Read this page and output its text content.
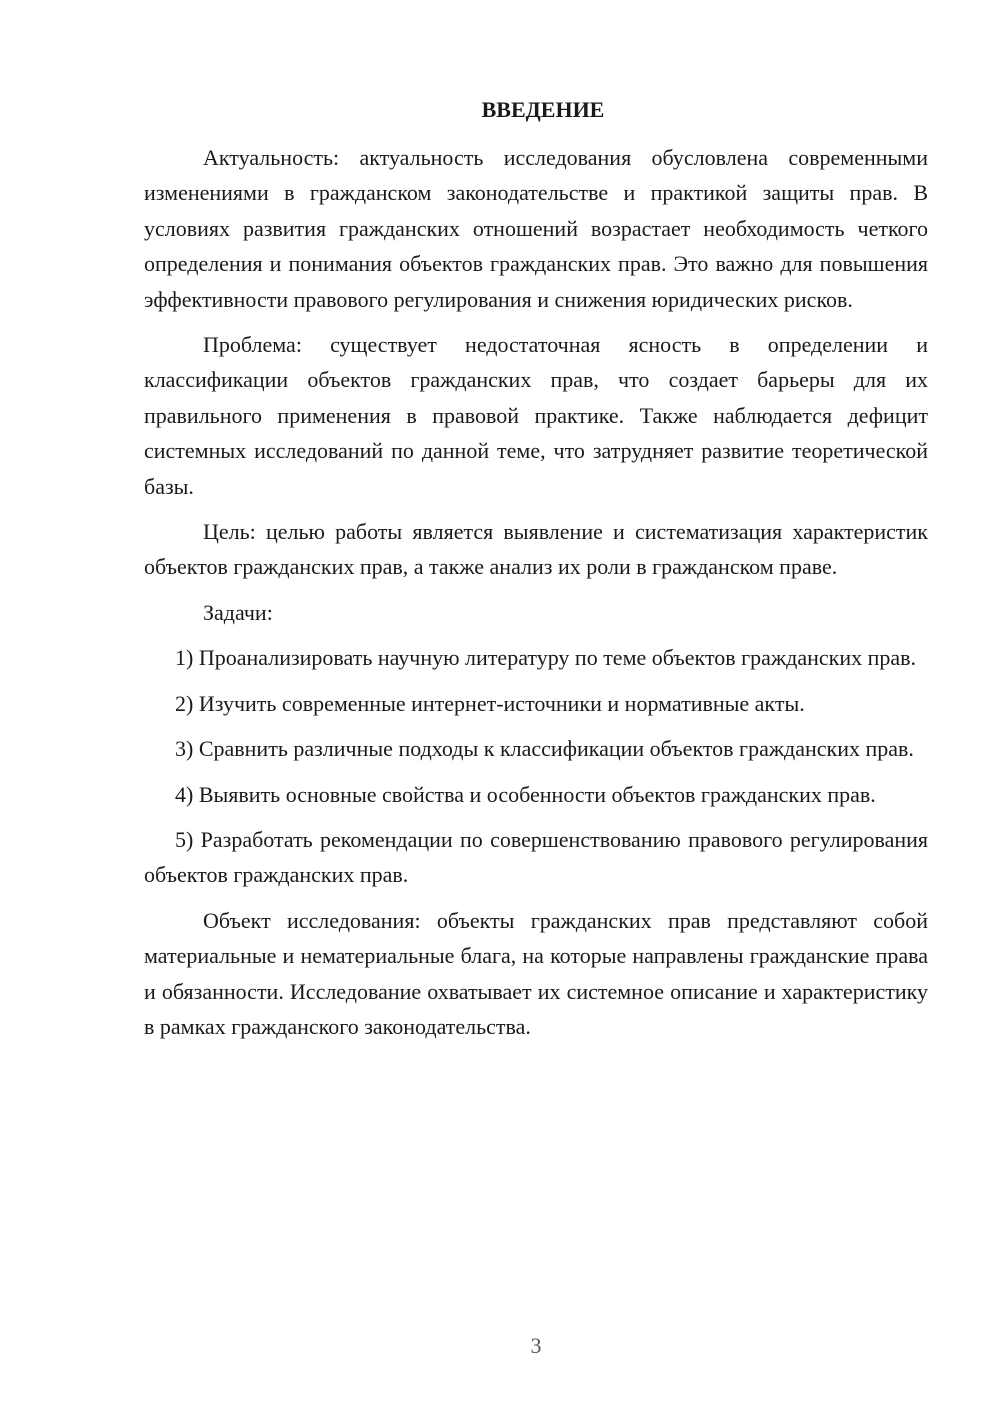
ВВЕДЕНИЕ

Актуальность: актуальность исследования обусловлена современными изменениями в гражданском законодательстве и практикой защиты прав. В условиях развития гражданских отношений возрастает необходимость четкого определения и понимания объектов гражданских прав. Это важно для повышения эффективности правового регулирования и снижения юридических рисков.

Проблема: существует недостаточная ясность в определении и классификации объектов гражданских прав, что создает барьеры для их правильного применения в правовой практике. Также наблюдается дефицит системных исследований по данной теме, что затрудняет развитие теоретической базы.

Цель: целью работы является выявление и систематизация характеристик объектов гражданских прав, а также анализ их роли в гражданском праве.

Задачи:

1) Проанализировать научную литературу по теме объектов гражданских прав.

2) Изучить современные интернет-источники и нормативные акты.

3) Сравнить различные подходы к классификации объектов гражданских прав.

4) Выявить основные свойства и особенности объектов гражданских прав.

5) Разработать рекомендации по совершенствованию правового регулирования объектов гражданских прав.

Объект исследования: объекты гражданских прав представляют собой материальные и нематериальные блага, на которые направлены гражданские права и обязанности. Исследование охватывает их системное описание и характеристику в рамках гражданского законодательства.

3
